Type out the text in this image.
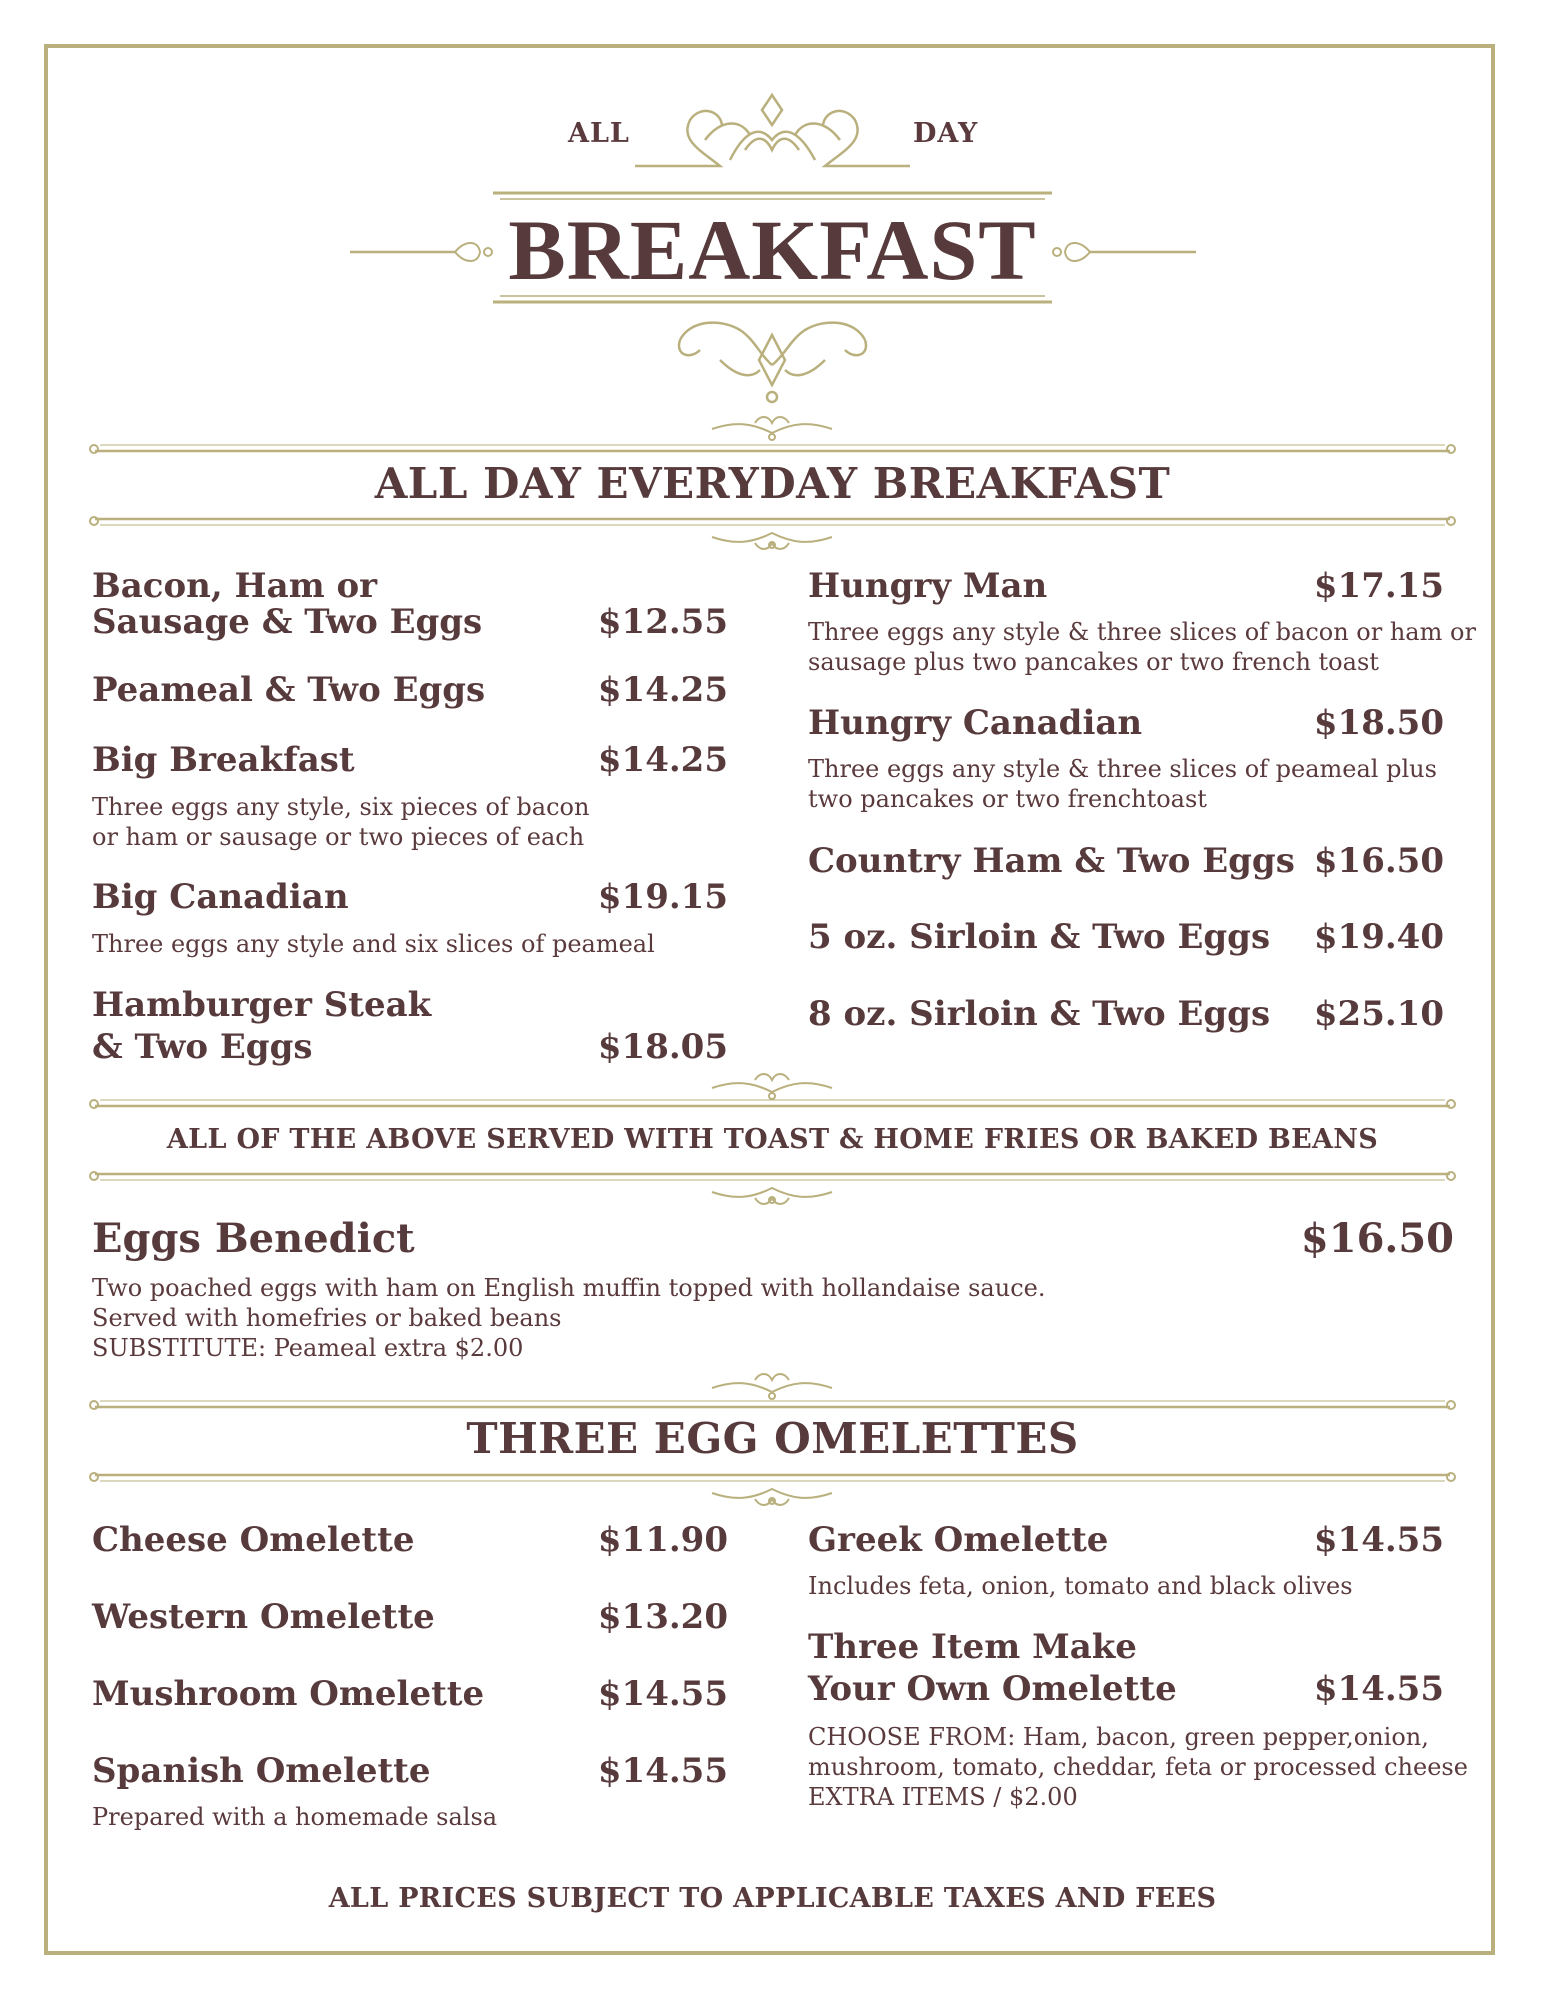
ALL	DAY
BREAKFAST
ALL DAY EVERYDAY BREAKFAST
Bacon, Ham or
Sausage & Two Eggs	$12.55
Peameal & Two Eggs	$14.25
Big Breakfast	$14.25
Three eggs any style, six pieces of bacon
or ham or sausage or two pieces of each
Big Canadian	$19.15
Three eggs any style and six slices of peameal
Hamburger Steak
& Two Eggs	$18.05
Hungry Man	$17.15
Three eggs any style & three slices of bacon or ham or
sausage plus two pancakes or two french toast
Hungry Canadian	$18.50
Three eggs any style & three slices of peameal plus
two pancakes or two frenchtoast
Country Ham & Two Eggs $16.50
5 oz. Sirloin & Two Eggs	$19.40
8 oz. Sirloin & Two Eggs	$25.10
ALL OF THE ABOVE SERVED WITH TOAST & HOME FRIES OR BAKED BEANS
Eggs Benedict	$16.50
Two poached eggs with ham on English muffin topped with hollandaise sauce.
Served with homefries or baked beans
SUBSTITUTE: Peameal extra $2.00
THREE EGG OMELETTES
Cheese Omelette	$11.90
Western Omelette	$13.20
Mushroom Omelette	$14.55
Spanish Omelette	$14.55
Prepared with a homemade salsa
Greek Omelette	$14.55
Includes feta, onion, tomato and black olives
Three Item Make
Your Own Omelette	$14.55
CHOOSE FROM: Ham, bacon, green pepper,onion,
mushroom, tomato, cheddar, feta or processed cheese
EXTRA ITEMS / $2.00
ALL PRICES SUBJECT TO APPLICABLE TAXES AND FEES
